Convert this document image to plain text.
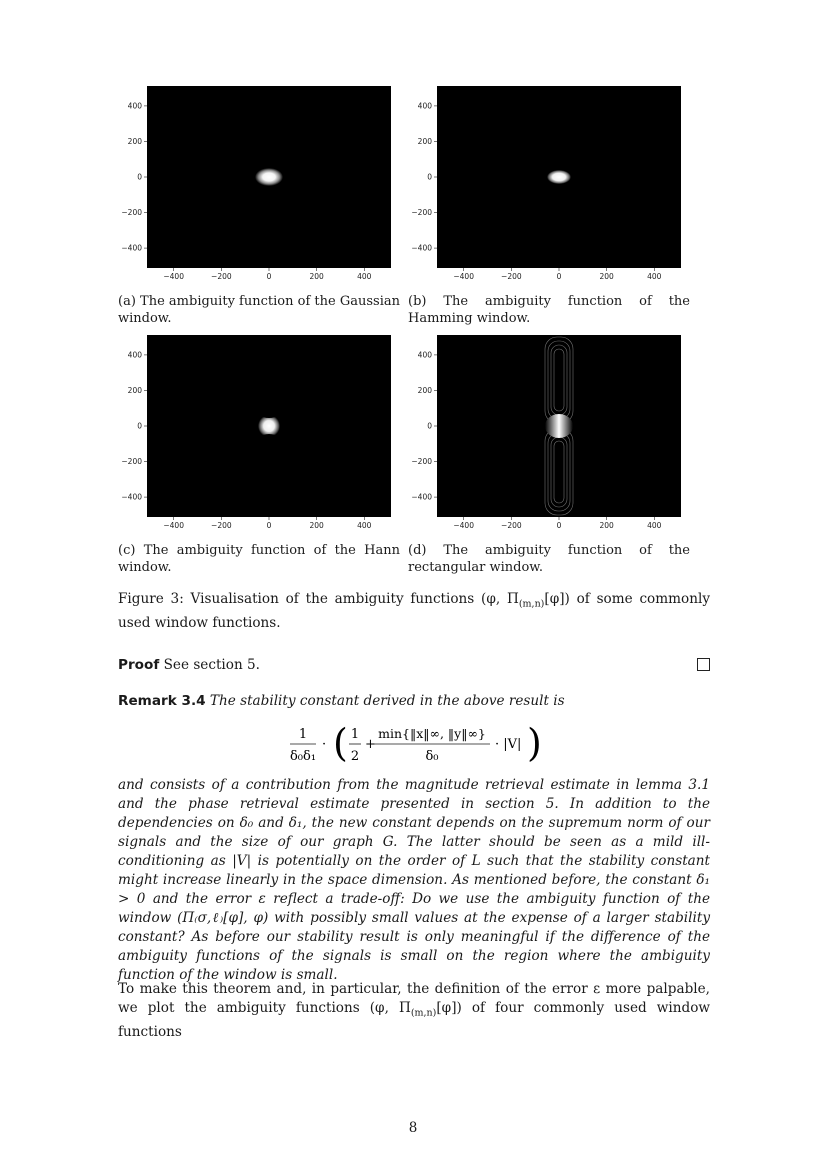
400
200
0
−200
−400
−400	−200	0	200	400
400
200
0
−200
−400
−400	−200	0	200	400
(a) The ambiguity function of the Gaussian window.
(b) The ambiguity function of the Hamming window.
400
200
0
−200
−400
−400	−200	0	200	400
400
200
0
−200
−400
−400	−200	0	200	400
(c) The ambiguity function of the Hann window.
(d) The ambiguity function of the rectangular window.
Figure 3: Visualisation of the ambiguity functions (φ, $\Pi_{(m,n)}[\varphi]$) of some commonly used window functions.
Proof See section 5.
Remark 3.4 The stability constant derived in the above result is
1
δ₀δ₁
· ( 1
2
+
min{‖x‖∞, ‖y‖∞}
δ₀
· |V| )
and consists of a contribution from the magnitude retrieval estimate in lemma 3.1 and the phase retrieval estimate presented in section 5. In addition to the dependencies on δ₀ and δ₁, the new constant depends on the supremum norm of our signals and the size of our graph G. The latter should be seen as a mild ill-conditioning as |V| is potentially on the order of L such that the stability constant might increase linearly in the space dimension. As mentioned before, the constant δ₁ > 0 and the error ε reflect a trade-off: Do we use the ambiguity function of the window (Π₍σ,ℓ₎[φ], φ) with possibly small values at the expense of a larger stability constant? As before our stability result is only meaningful if the difference of the ambiguity functions of the signals is small on the region where the ambiguity function of the window is small.
To make this theorem and, in particular, the definition of the error ε more palpable, we plot the ambiguity functions (φ, $\Pi_{(m,n)}[\varphi]$) of four commonly used window functions
8
